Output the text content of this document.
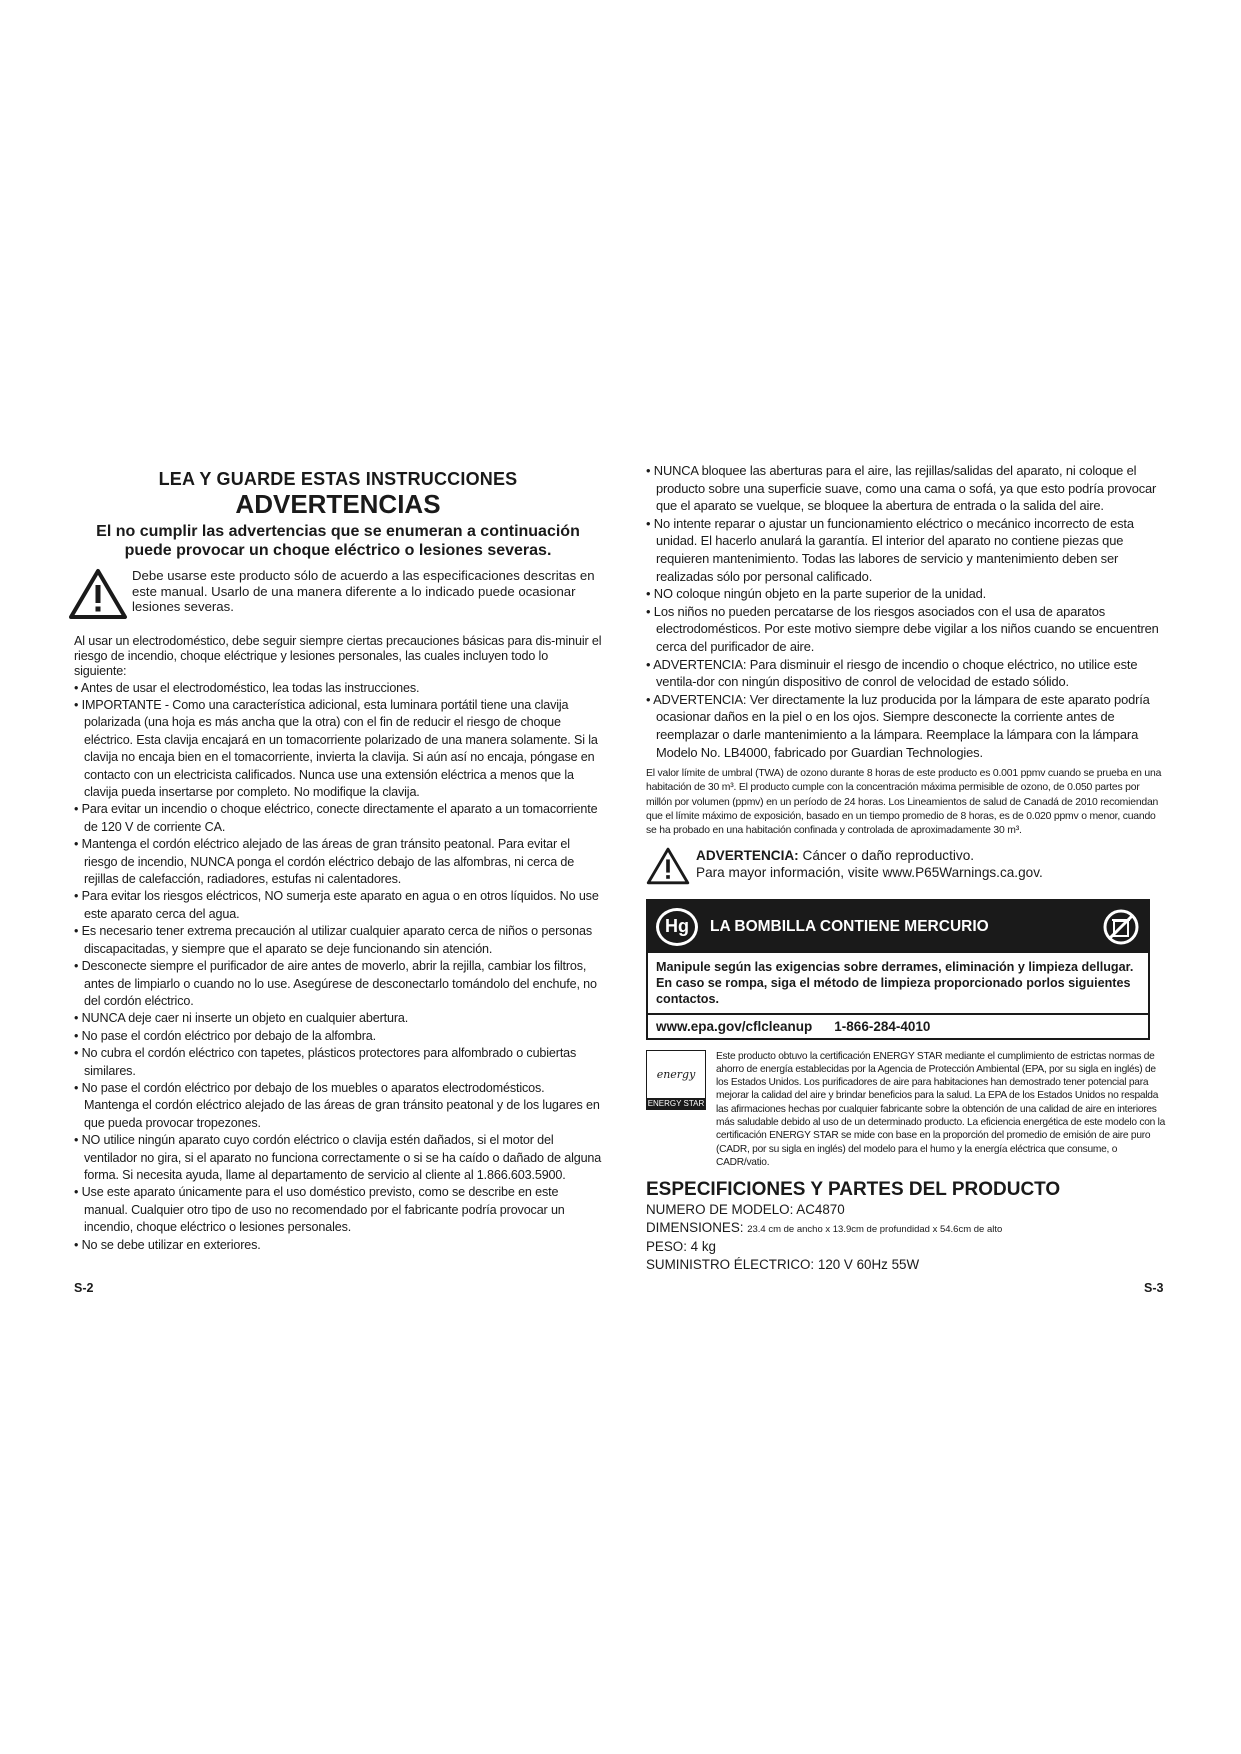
LEA Y GUARDE ESTAS INSTRUCCIONES
ADVERTENCIAS
El no cumplir las advertencias que se enumeran a continuación
puede provocar un choque eléctrico o lesiones severas.
Debe usarse este producto sólo de acuerdo a las especificaciones descritas en este manual. Usarlo de una manera diferente a lo indicado puede ocasionar lesiones severas.
Al usar un electrodoméstico, debe seguir siempre ciertas precauciones básicas para dis-minuir el riesgo de incendio, choque eléctrique y lesiones personales, las cuales incluyen todo lo siguiente:
• Antes de usar el electrodoméstico, lea todas las instrucciones.
• IMPORTANTE - Como una característica adicional, esta luminara portátil tiene una clavija polarizada (una hoja es más ancha que la otra) con el fin de reducir el riesgo de choque eléctrico. Esta clavija encajará en un tomacorriente polarizado de una manera solamente. Si la clavija no encaja bien en el tomacorriente, invierta la clavija. Si aún así no encaja, póngase en contacto con un electricista calificados. Nunca use una extensión eléctrica a menos que la clavija pueda insertarse por completo. No modifique la clavija.
• Para evitar un incendio o choque eléctrico, conecte directamente el aparato a un tomacorriente de 120 V de corriente CA.
• Mantenga el cordón eléctrico alejado de las áreas de gran tránsito peatonal. Para evitar el riesgo de incendio, NUNCA ponga el cordón eléctrico debajo de las alfombras, ni cerca de rejillas de calefacción, radiadores, estufas ni calentadores.
• Para evitar los riesgos eléctricos, NO sumerja este aparato en agua o en otros líquidos. No use este aparato cerca del agua.
• Es necesario tener extrema precaución al utilizar cualquier aparato cerca de niños o personas discapacitadas, y siempre que el aparato se deje funcionando sin atención.
• Desconecte siempre el purificador de aire antes de moverlo, abrir la rejilla, cambiar los filtros, antes de limpiarlo o cuando no lo use. Asegúrese de desconectarlo tomándolo del enchufe, no del cordón eléctrico.
• NUNCA deje caer ni inserte un objeto en cualquier abertura.
• No pase el cordón eléctrico por debajo de la alfombra.
• No cubra el cordón eléctrico con tapetes, plásticos protectores para alfombrado o cubiertas similares.
• No pase el cordón eléctrico por debajo de los muebles o aparatos electrodomésticos. Mantenga el cordón eléctrico alejado de las áreas de gran tránsito peatonal y de los lugares en que pueda provocar tropezones.
• NO utilice ningún aparato cuyo cordón eléctrico o clavija estén dañados, si el motor del ventilador no gira, si el aparato no funciona correctamente o si se ha caído o dañado de alguna forma. Si necesita ayuda, llame al departamento de servicio al cliente al 1.866.603.5900.
• Use este aparato únicamente para el uso doméstico previsto, como se describe en este manual. Cualquier otro tipo de uso no recomendado por el fabricante podría provocar un incendio, choque eléctrico o lesiones personales.
• No se debe utilizar en exteriores.
• NUNCA bloquee las aberturas para el aire, las rejillas/salidas del aparato, ni coloque el producto sobre una superficie suave, como una cama o sofá, ya que esto podría provocar que el aparato se vuelque, se bloquee la abertura de entrada o la salida del aire.
• No intente reparar o ajustar un funcionamiento eléctrico o mecánico incorrecto de esta unidad. El hacerlo anulará la garantía. El interior del aparato no contiene piezas que requieren mantenimiento. Todas las labores de servicio y mantenimiento deben ser realizadas sólo por personal calificado.
• NO coloque ningún objeto en la parte superior de la unidad.
• Los niños no pueden percatarse de los riesgos asociados con el usa de aparatos electrodomésticos. Por este motivo siempre debe vigilar a los niños cuando se encuentren cerca del purificador de aire.
• ADVERTENCIA: Para disminuir el riesgo de incendio o choque eléctrico, no utilice este ventila-dor con ningún dispositivo de conrol de velocidad de estado sólido.
• ADVERTENCIA: Ver directamente la luz producida por la lámpara de este aparato podría ocasionar daños en la piel o en los ojos. Siempre desconecte la corriente antes de reemplazar o darle mantenimiento a la lámpara. Reemplace la lámpara con la lámpara Modelo No. LB4000, fabricado por Guardian Technologies.
El valor límite de umbral (TWA) de ozono durante 8 horas de este producto es 0.001 ppmv cuando se prueba en una habitación de 30 m³. El producto cumple con la concentración máxima permisible de ozono, de 0.050 partes por millón por volumen (ppmv) en un período de 24 horas. Los Lineamientos de salud de Canadá de 2010 recomiendan que el límite máximo de exposición, basado en un tiempo promedio de 8 horas, es de 0.020 ppmv o menor, cuando se ha probado en una habitación confinada y controlada de aproximadamente 30 m³.
ADVERTENCIA: Cáncer o daño reproductivo.
Para mayor información, visite www.P65Warnings.ca.gov.
Hg	LA BOMBILLA CONTIENE MERCURIO
Manipule según las exigencias sobre derrames, eliminación y limpieza dellugar. En caso se rompa, siga el método de limpieza proporcionado porlos siguientes contactos.
www.epa.gov/cflcleanup 1-866-284-4010
energy
ENERGY STAR
Este producto obtuvo la certificación ENERGY STAR mediante el cumplimiento de estrictas normas de ahorro de energía establecidas por la Agencia de Protección Ambiental (EPA, por su sigla en inglés) de los Estados Unidos. Los purificadores de aire para habitaciones han demostrado tener potencial para mejorar la calidad del aire y brindar beneficios para la salud. La EPA de los Estados Unidos no respalda las afirmaciones hechas por cualquier fabricante sobre la obtención de una calidad de aire en interiores más saludable debido al uso de un determinado producto. La eficiencia energética de este modelo con la certificación ENERGY STAR se mide con base en la proporción del promedio de emisión de aire puro (CADR, por su sigla en inglés) del modelo para el humo y la energía eléctrica que consume, o CADR/vatio.
ESPECIFICIONES Y PARTES DEL PRODUCTO
NUMERO DE MODELO: AC4870
DIMENSIONES: 23.4 cm de ancho x 13.9cm de profundidad x 54.6cm de alto
PESO: 4 kg
SUMINISTRO ÉLECTRICO: 120 V 60Hz 55W
S-2	S-3
